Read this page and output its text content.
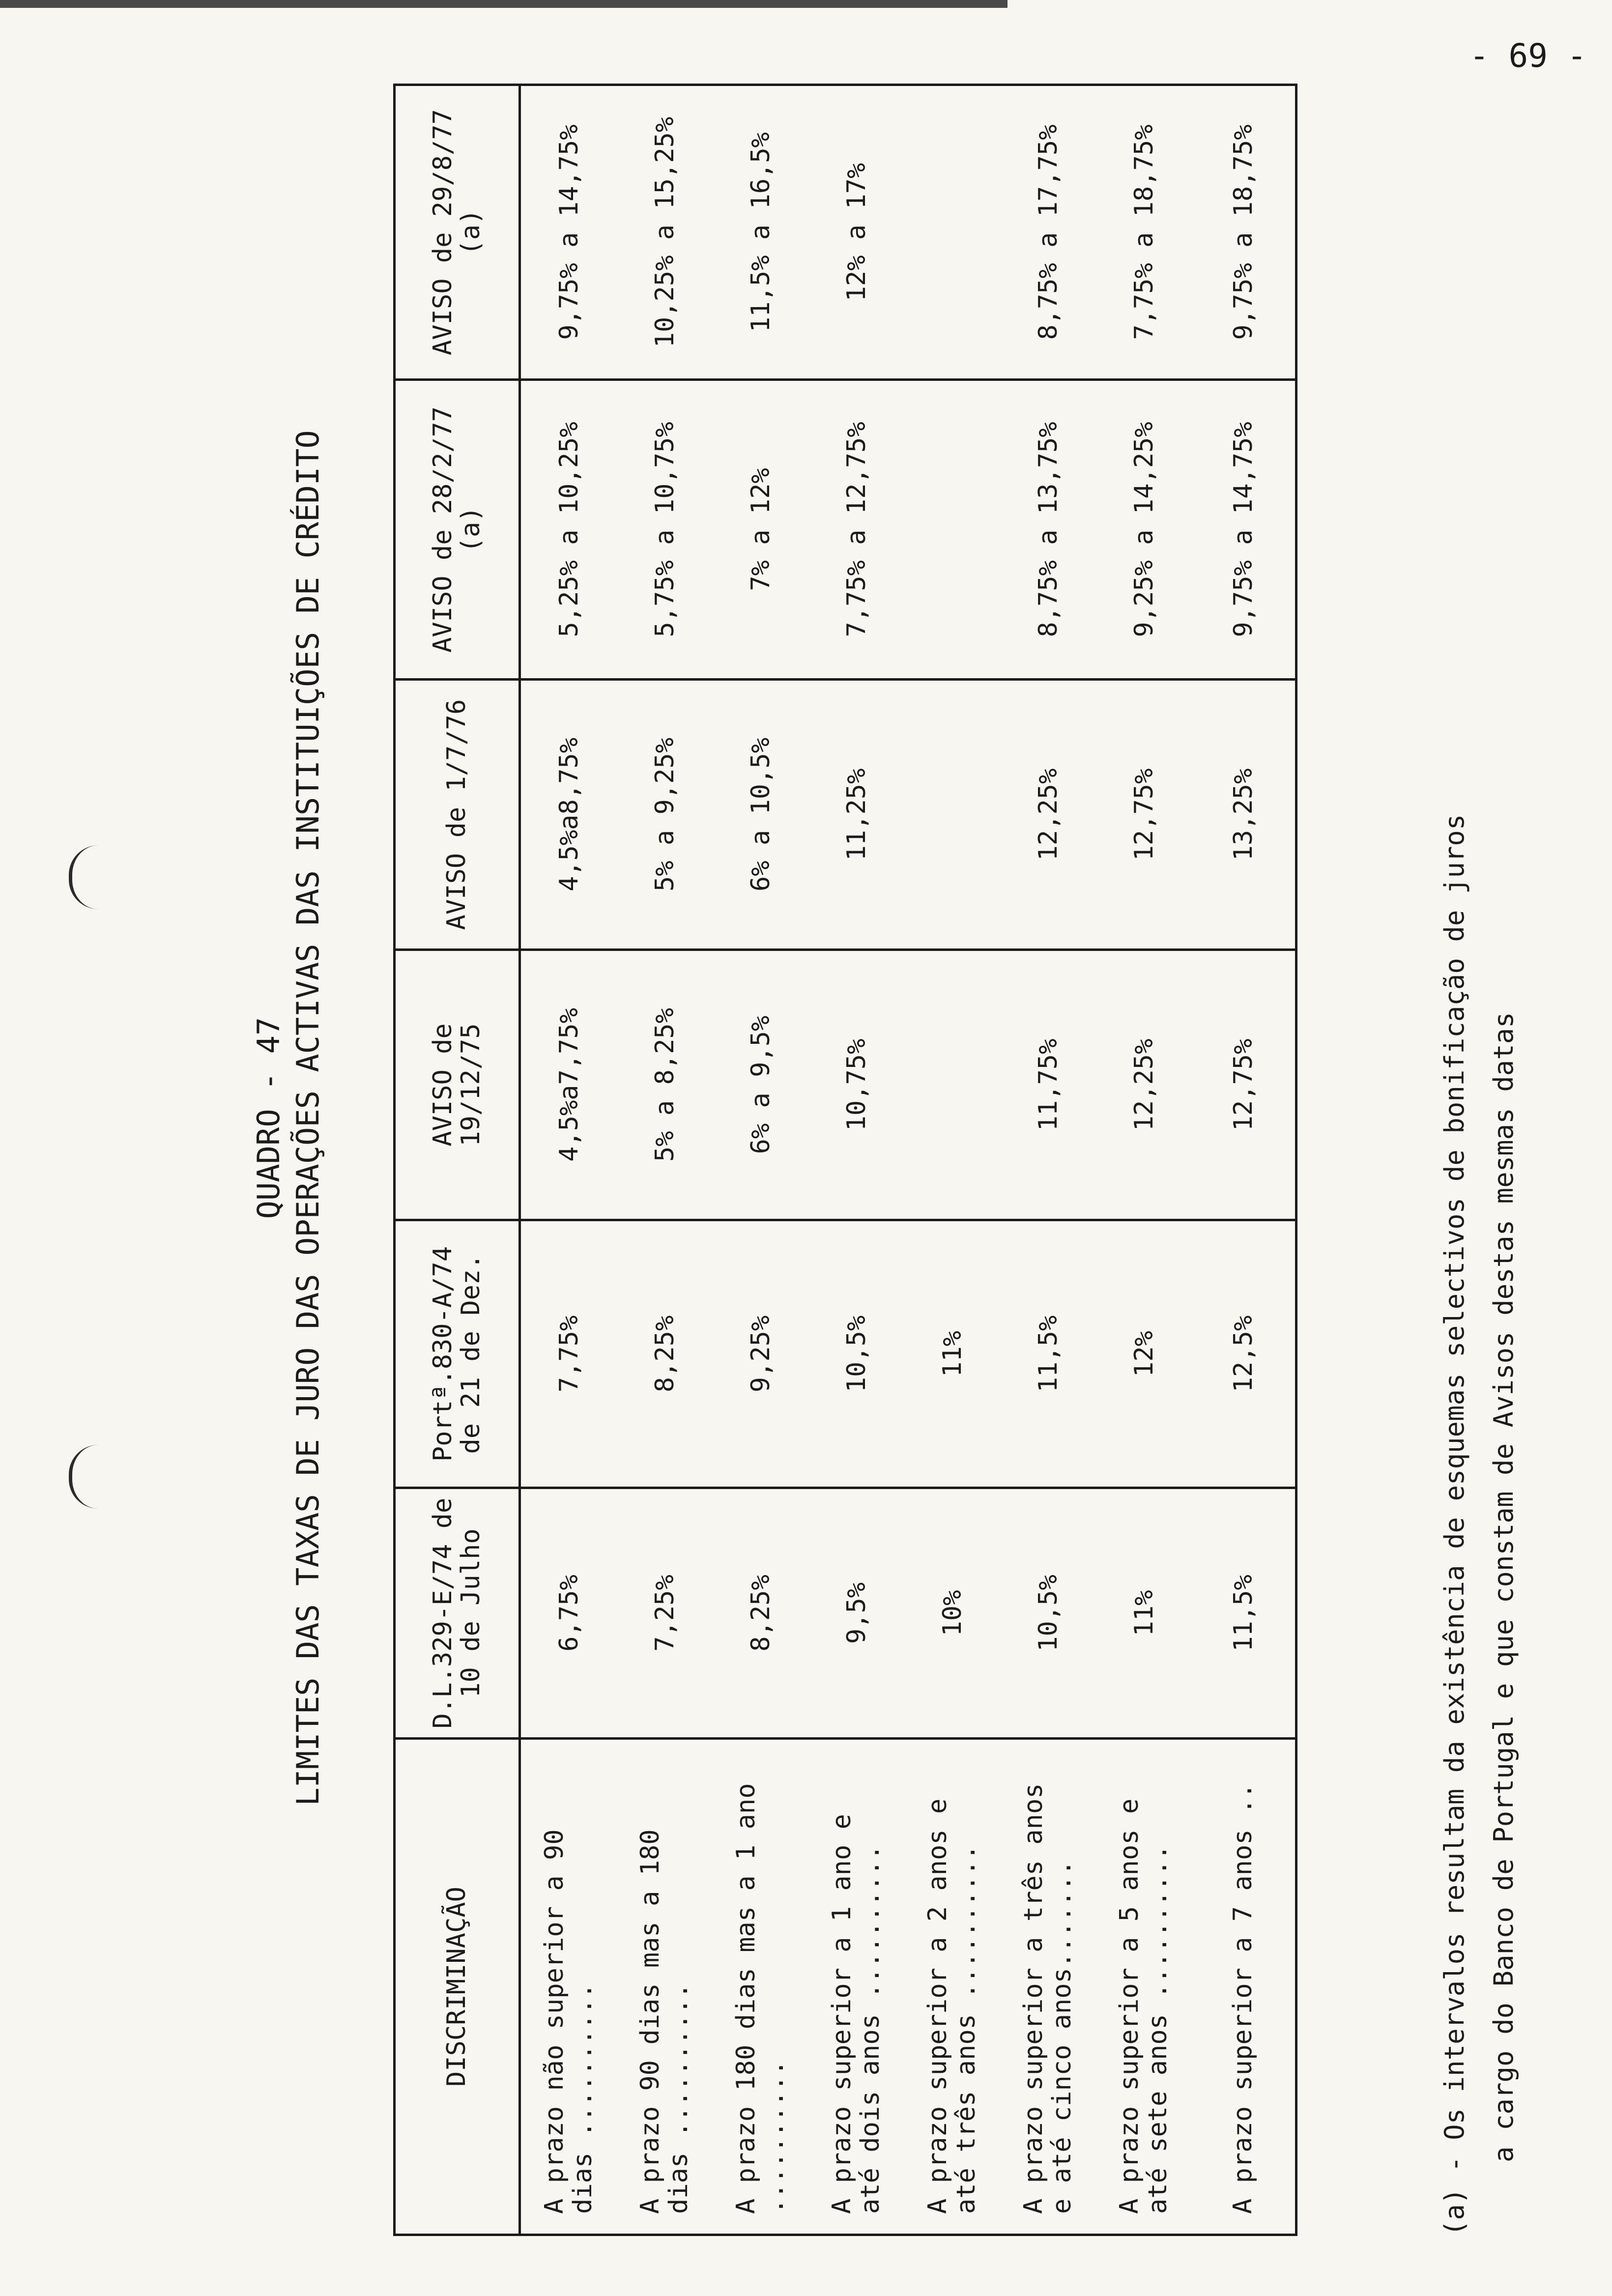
- 69 -
QUADRO - 47 LIMITES DAS TAXAS DE JURO DAS OPERAÇÕES ACTIVAS DAS INSTITUIÇÕES DE CRÉDITO
DISCRIMINAÇÃO	D.L.329-E/74 de 10 de Julho	Portª.830-A/74 de 21 de Dez.	AVISO de 19/12/75	AVISO de 1/7/76	AVISO de 28/2/77 (a)	AVISO de 29/8/77 (a)
A prazo não superior a 90 dias ..........	6,75%	7,75%	4,5%a7,75%	4,5%a8,75%	5,25% a 10,25%	9,75% a 14,75%
A prazo 90 dias mas a 180 dias ..........	7,25%	8,25%	5% a 8,25%	5% a 9,25%	5,75% a 10,75%	10,25% a 15,25%
A prazo 180 dias mas a 1 ano ..........	8,25%	9,25%	6% a 9,5%	6% a 10,5%	7% a 12%	11,5% a 16,5%
A prazo superior a 1 ano e até dois anos ..........	9,5%	10,5%	10,75%	11,25%	7,75% a 12,75%	12% a 17%
A prazo superior a 2 anos e até três anos ..........	10%	11%				
A prazo superior a três anos e até cinco anos.......	10,5%	11,5%	11,75%	12,25%	8,75% a 13,75%	8,75% a 17,75%
A prazo superior a 5 anos e até sete anos ..........	11%	12%	12,25%	12,75%	9,25% a 14,25%	7,75% a 18,75%
A prazo superior a 7 anos ..	11,5%	12,5%	12,75%	13,25%	9,75% a 14,75%	9,75% a 18,75%
(a) - Os intervalos resultam da existência de esquemas selectivos de bonificação de juros a cargo do Banco de Portugal e que constam de Avisos destas mesmas datas
